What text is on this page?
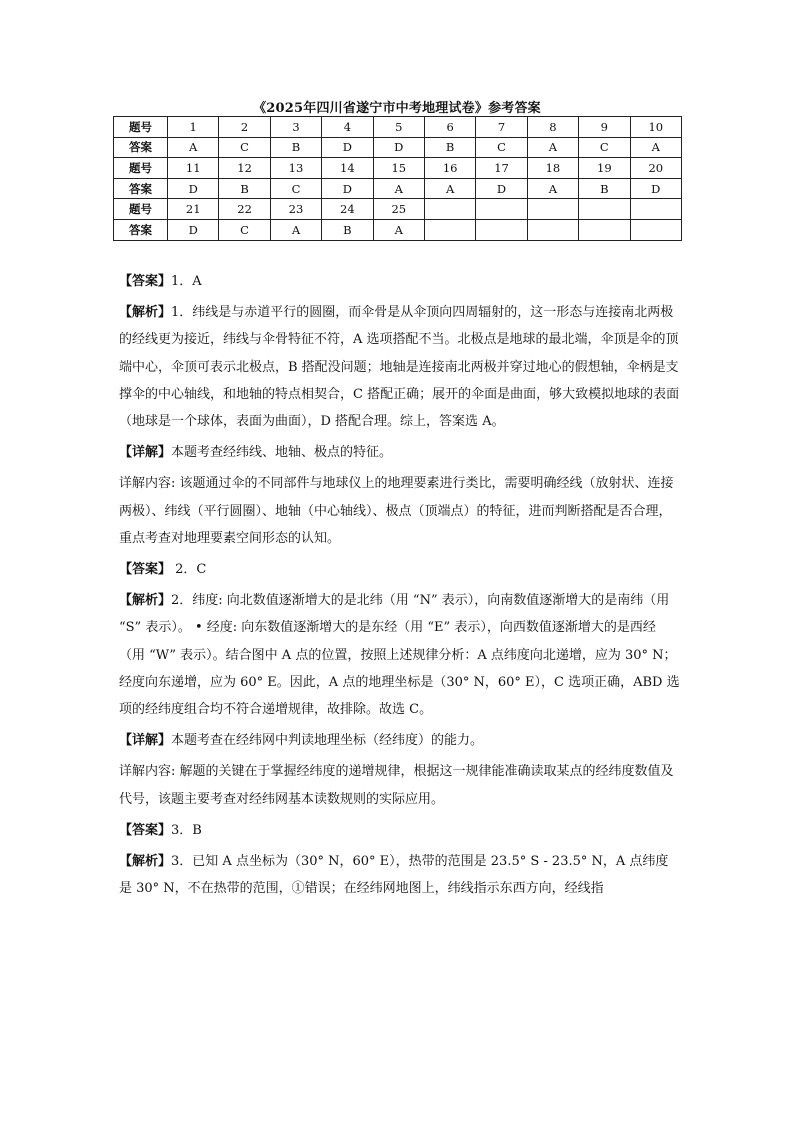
《2025年四川省遂宁市中考地理试卷》参考答案
题号	1	2	3	4	5	6	7	8	9	10
答案	A	C	B	D	D	B	C	A	C	A
题号	11	12	13	14	15	16	17	18	19	20
答案	D	B	C	D	A	A	D	A	B	D
题号	21	22	23	24	25					
答案	D	C	A	B	A					

【答案】1．A

【解析】1．纬线是与赤道平行的圆圈，而伞骨是从伞顶向四周辐射的，这一形态与连接南北两极的经线更为接近，纬线与伞骨特征不符，A 选项搭配不当。北极点是地球的最北端，伞顶是伞的顶端中心，伞顶可表示北极点，B 搭配没问题；地轴是连接南北两极并穿过地心的假想轴，伞柄是支撑伞的中心轴线，和地轴的特点相契合，C 搭配正确；展开的伞面是曲面，够大致模拟地球的表面（地球是一个球体，表面为曲面），D 搭配合理。综上，答案选 A。

【详解】本题考查经纬线、地轴、极点的特征。

详解内容: 该题通过伞的不同部件与地球仪上的地理要素进行类比，需要明确经线（放射状、连接两极）、纬线（平行圆圈）、地轴（中心轴线）、极点（顶端点）的特征，进而判断搭配是否合理，重点考查对地理要素空间形态的认知。

【答案】 2．C

【解析】2．纬度: 向北数值逐渐增大的是北纬（用 “N” 表示），向南数值逐渐增大的是南纬（用 “S” 表示）。 • 经度: 向东数值逐渐增大的是东经（用 “E” 表示），向西数值逐渐增大的是西经（用 “W” 表示）。结合图中 A 点的位置，按照上述规律分析：A 点纬度向北递增，应为 30° N；经度向东递增，应为 60° E。因此，A 点的地理坐标是（30° N，60° E），C 选项正确，ABD 选项的经纬度组合均不符合递增规律，故排除。故选 C。

【详解】本题考查在经纬网中判读地理坐标（经纬度）的能力。

详解内容: 解题的关键在于掌握经纬度的递增规律，根据这一规律能准确读取某点的经纬度数值及代号，该题主要考查对经纬网基本读数规则的实际应用。

【答案】3．B

【解析】3．已知 A 点坐标为（30° N，60° E），热带的范围是 23.5° S - 23.5° N，A 点纬度是 30° N，不在热带的范围，①错误；在经纬网地图上，纬线指示东西方向，经线指
